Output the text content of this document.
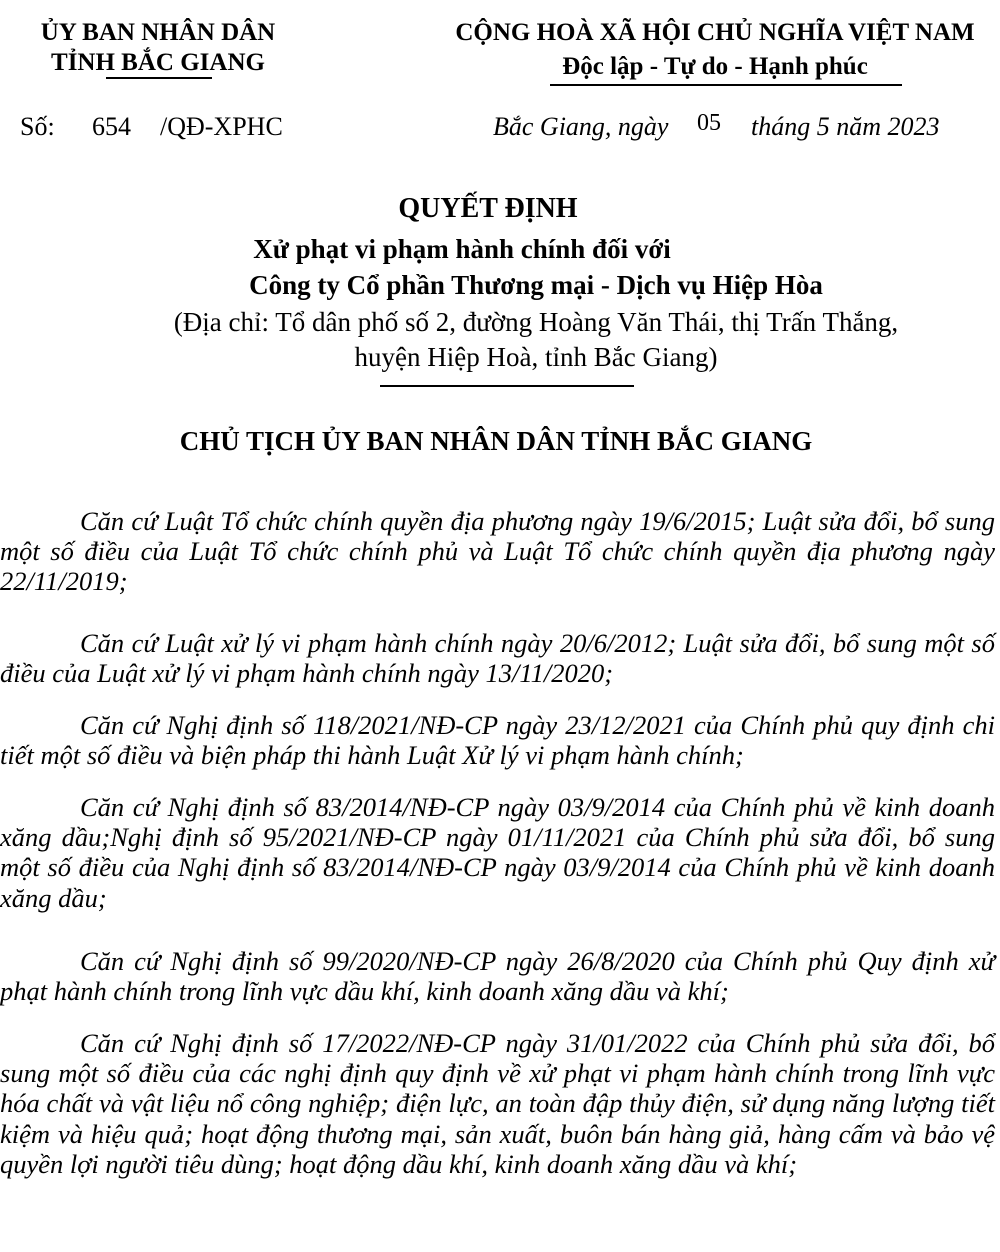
ỦY BAN NHÂN DÂN
TỈNH BẮC GIANG
CỘNG HOÀ XÃ HỘI CHỦ NGHĨA VIỆT NAM
Độc lập - Tự do - Hạnh phúc
Số: 654 /QĐ-XPHC	Bắc Giang, ngày 05 tháng 5 năm 2023
QUYẾT ĐỊNH
Xử phạt vi phạm hành chính đối với
Công ty Cổ phần Thương mại - Dịch vụ Hiệp Hòa
(Địa chỉ: Tổ dân phố số 2, đường Hoàng Văn Thái, thị Trấn Thắng,
huyện Hiệp Hoà, tỉnh Bắc Giang)
CHỦ TỊCH ỦY BAN NHÂN DÂN TỈNH BẮC GIANG
Căn cứ Luật Tổ chức chính quyền địa phương ngày 19/6/2015; Luật sửa đổi, bổ sung một số điều của Luật Tổ chức chính phủ và Luật Tổ chức chính quyền địa phương ngày 22/11/2019;
Căn cứ Luật xử lý vi phạm hành chính ngày 20/6/2012; Luật sửa đổi, bổ sung một số điều của Luật xử lý vi phạm hành chính ngày 13/11/2020;
Căn cứ Nghị định số 118/2021/NĐ-CP ngày 23/12/2021 của Chính phủ quy định chi tiết một số điều và biện pháp thi hành Luật Xử lý vi phạm hành chính;
Căn cứ Nghị định số 83/2014/NĐ-CP ngày 03/9/2014 của Chính phủ về kinh doanh xăng dầu;Nghị định số 95/2021/NĐ-CP ngày 01/11/2021 của Chính phủ sửa đổi, bổ sung một số điều của Nghị định số 83/2014/NĐ-CP ngày 03/9/2014 của Chính phủ về kinh doanh xăng dầu;
Căn cứ Nghị định số 99/2020/NĐ-CP ngày 26/8/2020 của Chính phủ Quy định xử phạt hành chính trong lĩnh vực dầu khí, kinh doanh xăng dầu và khí;
Căn cứ Nghị định số 17/2022/NĐ-CP ngày 31/01/2022 của Chính phủ sửa đổi, bổ sung một số điều của các nghị định quy định về xử phạt vi phạm hành chính trong lĩnh vực hóa chất và vật liệu nổ công nghiệp; điện lực, an toàn đập thủy điện, sử dụng năng lượng tiết kiệm và hiệu quả; hoạt động thương mại, sản xuất, buôn bán hàng giả, hàng cấm và bảo vệ quyền lợi người tiêu dùng; hoạt động dầu khí, kinh doanh xăng dầu và khí;
